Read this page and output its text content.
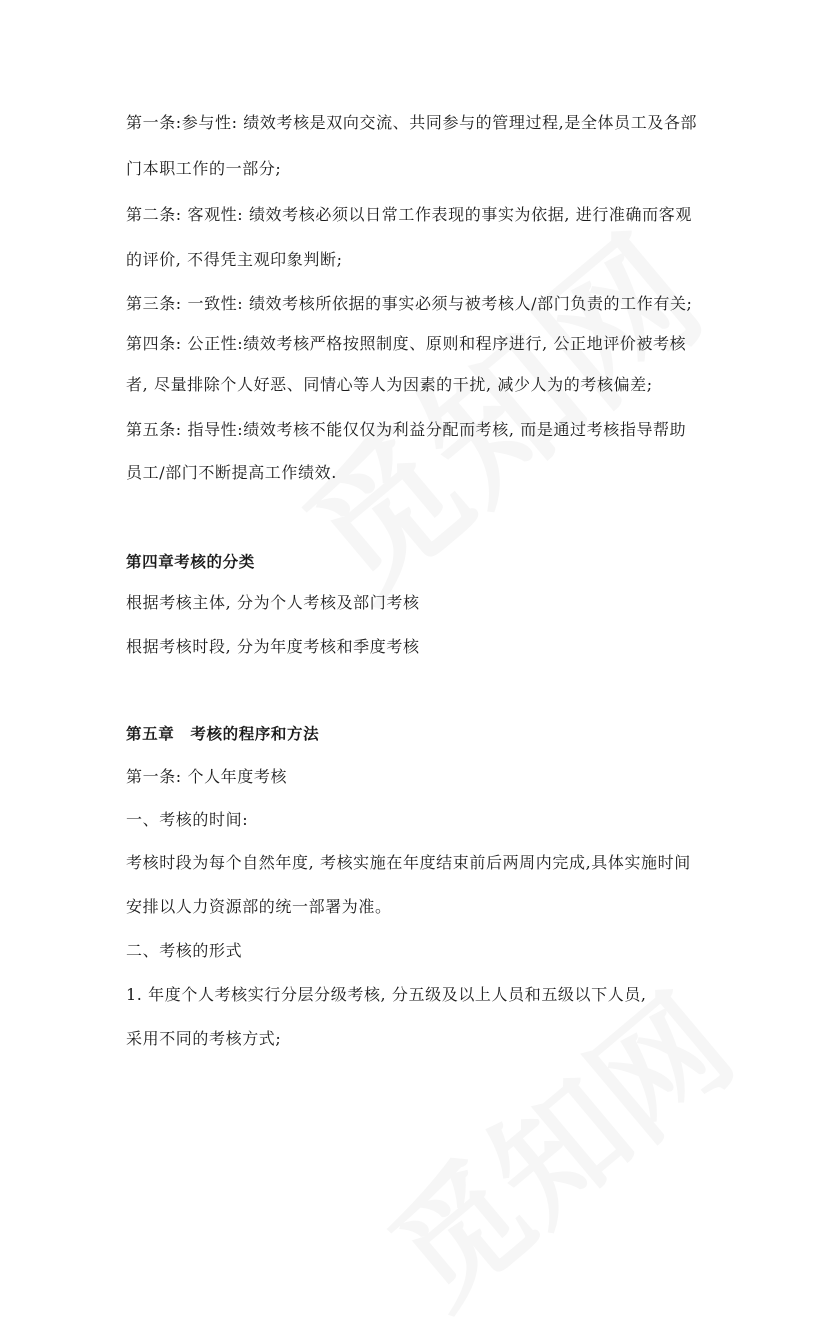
第一条:参与性: 绩效考核是双向交流、共同参与的管理过程,是全体员工及各部
门本职工作的一部分;
第二条: 客观性: 绩效考核必须以日常工作表现的事实为依据, 进行准确而客观
的评价, 不得凭主观印象判断;
第三条: 一致性: 绩效考核所依据的事实必须与被考核人/部门负责的工作有关;
第四条: 公正性:绩效考核严格按照制度、原则和程序进行, 公正地评价被考核
者, 尽量排除个人好恶、同情心等人为因素的干扰, 减少人为的考核偏差;
第五条: 指导性:绩效考核不能仅仅为利益分配而考核, 而是通过考核指导帮助
员工/部门不断提高工作绩效.
第四章考核的分类
根据考核主体, 分为个人考核及部门考核
根据考核时段, 分为年度考核和季度考核
第五章　考核的程序和方法
第一条: 个人年度考核
一、考核的时间:
考核时段为每个自然年度, 考核实施在年度结束前后两周内完成,具体实施时间
安排以人力资源部的统一部署为准。
二、考核的形式
1. 年度个人考核实行分层分级考核, 分五级及以上人员和五级以下人员,
采用不同的考核方式;
